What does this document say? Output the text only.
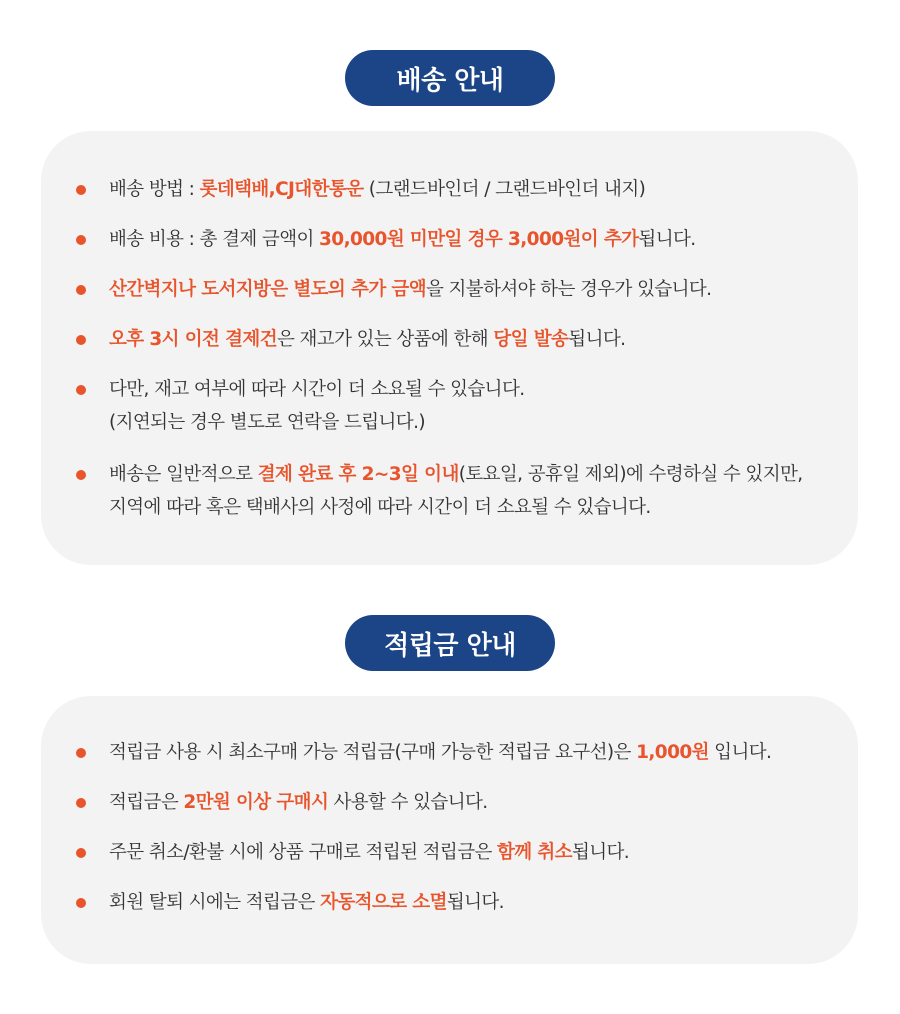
배송 안내
배송 방법 : 롯데택배,CJ대한통운 (그랜드바인더 / 그랜드바인더 내지)
배송 비용 : 총 결제 금액이 30,000원 미만일 경우 3,000원이 추가됩니다.
산간벽지나 도서지방은 별도의 추가 금액을 지불하셔야 하는 경우가 있습니다.
오후 3시 이전 결제건은 재고가 있는 상품에 한해 당일 발송됩니다.
다만, 재고 여부에 따라 시간이 더 소요될 수 있습니다.
(지연되는 경우 별도로 연락을 드립니다.)
배송은 일반적으로 결제 완료 후 2~3일 이내(토요일, 공휴일 제외)에 수령하실 수 있지만,
지역에 따라 혹은 택배사의 사정에 따라 시간이 더 소요될 수 있습니다.
적립금 안내
적립금 사용 시 최소구매 가능 적립금(구매 가능한 적립금 요구선)은 1,000원 입니다.
적립금은 2만원 이상 구매시 사용할 수 있습니다.
주문 취소/환불 시에 상품 구매로 적립된 적립금은 함께 취소됩니다.
회원 탈퇴 시에는 적립금은 자동적으로 소멸됩니다.
